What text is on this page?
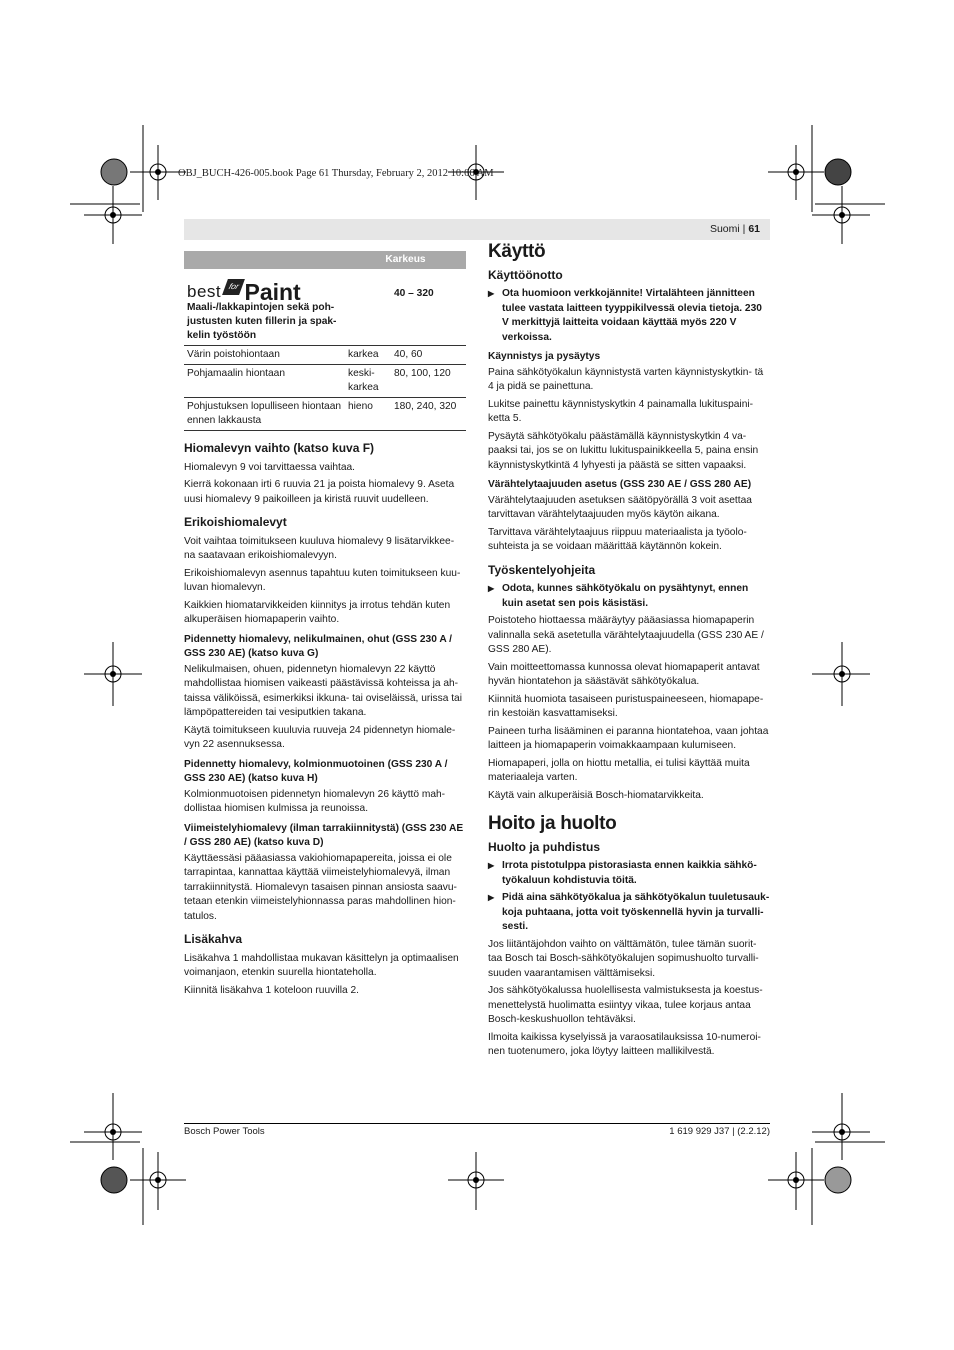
OBJ_BUCH-426-005.book Page 61 Thursday, February 2, 2012 10:06 AM
Suomi | 61
	Karkeus	

best for Paint
Maali-/lakkapintojen sekä poh- justusten kuten fillerin ja spak- kelin työstöön		40 – 320
Värin poistohiontaan	karkea	40, 60
Pohjamaalin hiontaan	keski- karkea	80, 100, 120
Pohjustuksen lopulliseen hiontaan ennen lakkausta	hieno	180, 240, 320
Hiomalevyn vaihto (katso kuva F)

Hiomalevyn 9 voi tarvittaessa vaihtaa.

Kierrä kokonaan irti 6 ruuvia 21 ja poista hiomalevy 9. Aseta uusi hiomalevy 9 paikoilleen ja kiristä ruuvit uudelleen.

Erikoishiomalevyt

Voit vaihtaa toimitukseen kuuluva hiomalevy 9 lisätarvikkee- na saatavaan erikoishiomalevyyn.

Erikoishiomalevyn asennus tapahtuu kuten toimitukseen kuu- luvan hiomalevyn.

Kaikkien hiomatarvikkeiden kiinnitys ja irrotus tehdän kuten alkuperäisen hiomapaperin vaihto.

Pidennetty hiomalevy, nelikulmainen, ohut (GSS 230 A / GSS 230 AE) (katso kuva G)

Nelikulmaisen, ohuen, pidennetyn hiomalevyn 22 käyttö mahdollistaa hiomisen vaikeasti päästävissä kohteissa ja ah- taissa väliköissä, esimerkiksi ikkuna- tai oviseläissä, urissa tai lämpöpattereiden tai vesiputkien takana.

Käytä toimitukseen kuuluvia ruuveja 24 pidennetyn hiomale- vyn 22 asennuksessa.

Pidennetty hiomalevy, kolmionmuotoinen (GSS 230 A / GSS 230 AE) (katso kuva H)

Kolmionmuotoisen pidennetyn hiomalevyn 26 käyttö mah- dollistaa hiomisen kulmissa ja reunoissa.

Viimeistelyhiomalevy (ilman tarrakiinnitystä) (GSS 230 AE / GSS 280 AE) (katso kuva D)

Käyttäessäsi pääasiassa vakiohiomapapereita, joissa ei ole tarrapintaa, kannattaa käyttää viimeistelyhiomalevyä, ilman tarrakiinnitystä. Hiomalevyn tasaisen pinnan ansiosta saavu- tetaan etenkin viimeistelyhionnassa paras mahdollinen hion- tatulos.

Lisäkahva

Lisäkahva 1 mahdollistaa mukavan käsittelyn ja optimaalisen voimanjaon, etenkin suurella hiontateholla.

Kiinnitä lisäkahva 1 koteloon ruuvilla 2.

Käyttö
Käyttöönotto
▶ Ota huomioon verkkojännite! Virtalähteen jännitteen tulee vastata laitteen tyyppikilvessä olevia tietoja. 230 V merkittyjä laitteita voidaan käyttää myös 220 V verkoissa.
Käynnistys ja pysäytys

Paina sähkötyökalun käynnistystä varten käynnistyskytkin- tä 4 ja pidä se painettuna.

Lukitse painettu käynnistyskytkin 4 painamalla lukituspaini- ketta 5.

Pysäytä sähkötyökalu päästämällä käynnistyskytkin 4 va- paaksi tai, jos se on lukittu lukituspainikkeella 5, paina ensin käynnistyskytkintä 4 lyhyesti ja päästä se sitten vapaaksi.

Värähtelytaajuuden asetus (GSS 230 AE / GSS 280 AE)

Värähtelytaajuuden asetuksen säätöpyörällä 3 voit asettaa tarvittavan värähtelytaajuuden myös käytön aikana.

Tarvittava värähtelytaajuus riippuu materiaalista ja työolo- suhteista ja se voidaan määrittää käytännön kokein.

Työskentelyohjeita
▶ Odota, kunnes sähkötyökalu on pysähtynyt, ennen kuin asetat sen pois käsistäsi.

Poistoteho hiottaessa määräytyy pääasiassa hiomapaperin valinnalla sekä asetetulla värähtelytaajuudella (GSS 230 AE / GSS 280 AE).

Vain moitteettomassa kunnossa olevat hiomapaperit antavat hyvän hiontatehon ja säästävät sähkötyökalua.

Kiinnitä huomiota tasaiseen puristuspaineeseen, hiomapape- rin kestoiän kasvattamiseksi.

Paineen turha lisääminen ei paranna hiontatehoa, vaan johtaa laitteen ja hiomapaperin voimakkaampaan kulumiseen.

Hiomapaperi, jolla on hiottu metallia, ei tulisi käyttää muita materiaaleja varten.

Käytä vain alkuperäisiä Bosch-hiomatarvikkeita.

Hoito ja huolto
Huolto ja puhdistus
▶ Irrota pistotulppa pistorasiasta ennen kaikkia sähkö- työkaluun kohdistuvia töitä.
▶ Pidä aina sähkötyökalua ja sähkötyökalun tuuletusauk- koja puhtaana, jotta voit työskennellä hyvin ja turvalli- sesti.

Jos liitäntäjohdon vaihto on välttämätön, tulee tämän suorit- taa Bosch tai Bosch-sähkötyökalujen sopimushuolto turvalli- suuden vaarantamisen välttämiseksi.

Jos sähkötyökalussa huolellisesta valmistuksesta ja koestus- menettelystä huolimatta esiintyy vikaa, tulee korjaus antaa Bosch-keskushuollon tehtäväksi.

Ilmoita kaikissa kyselyissä ja varaosatilauksissa 10-numeroi- nen tuotenumero, joka löytyy laitteen mallikilvestä.

Bosch Power Tools	1 619 929 J37 | (2.2.12)
